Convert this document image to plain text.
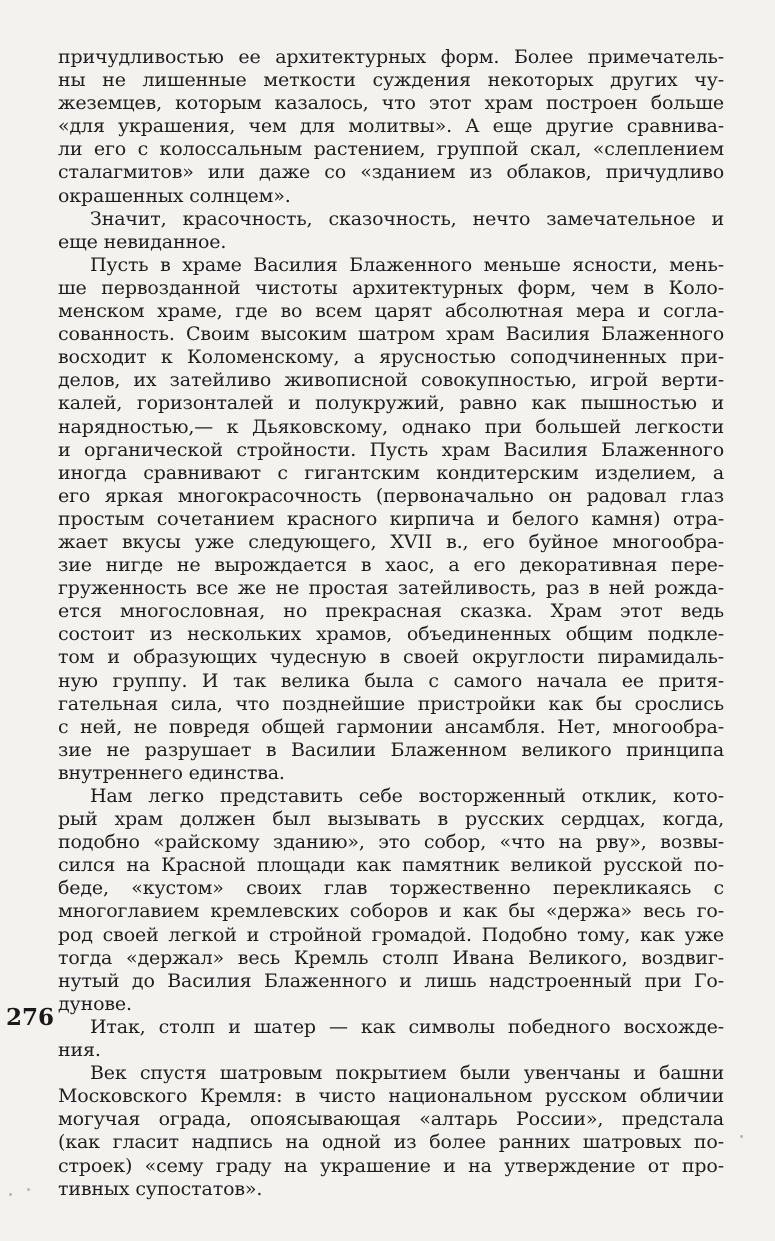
причудливостью ее архитектурных форм. Более примечатель-
ны не лишенные меткости суждения некоторых других чу-
жеземцев, которым казалось, что этот храм построен больше
«для украшения, чем для молитвы». А еще другие сравнива-
ли его с колоссальным растением, группой скал, «слеплением
сталагмитов» или даже со «зданием из облаков, причудливо
окрашенных солнцем».
Значит, красочность, сказочность, нечто замечательное и
еще невиданное.
Пусть в храме Василия Блаженного меньше ясности, мень-
ше первозданной чистоты архитектурных форм, чем в Коло-
менском храме, где во всем царят абсолютная мера и согла-
сованность. Своим высоким шатром храм Василия Блаженного
восходит к Коломенскому, а ярусностью соподчиненных при-
делов, их затейливо живописной совокупностью, игрой верти-
калей, горизонталей и полукружий, равно как пышностью и
нарядностью,— к Дьяковскому, однако при большей легкости
и органической стройности. Пусть храм Василия Блаженного
иногда сравнивают с гигантским кондитерским изделием, а
его яркая многокрасочность (первоначально он радовал глаз
простым сочетанием красного кирпича и белого камня) отра-
жает вкусы уже следующего, XVII в., его буйное многообра-
зие нигде не вырождается в хаос, а его декоративная пере-
груженность все же не простая затейливость, раз в ней рожда-
ется многословная, но прекрасная сказка. Храм этот ведь
состоит из нескольких храмов, объединенных общим подкле-
том и образующих чудесную в своей округлости пирамидаль-
ную группу. И так велика была с самого начала ее притя-
гательная сила, что позднейшие пристройки как бы срослись
с ней, не повредя общей гармонии ансамбля. Нет, многообра-
зие не разрушает в Василии Блаженном великого принципа
внутреннего единства.
Нам легко представить себе восторженный отклик, кото-
рый храм должен был вызывать в русских сердцах, когда,
подобно «райскому зданию», это собор, «что на рву», возвы-
сился на Красной площади как памятник великой русской по-
беде, «кустом» своих глав торжественно перекликаясь с
многоглавием кремлевских соборов и как бы «держа» весь го-
род своей легкой и стройной громадой. Подобно тому, как уже
тогда «держал» весь Кремль столп Ивана Великого, воздвиг-
нутый до Василия Блаженного и лишь надстроенный при Го-
дунове.
Итак, столп и шатер — как символы победного восхожде-
ния.
Век спустя шатровым покрытием были увенчаны и башни
Московского Кремля: в чисто национальном русском обличии
могучая ограда, опоясывающая «алтарь России», предстала
(как гласит надпись на одной из более ранних шатровых по-
строек) «сему граду на украшение и на утверждение от про-
тивных супостатов».
276
